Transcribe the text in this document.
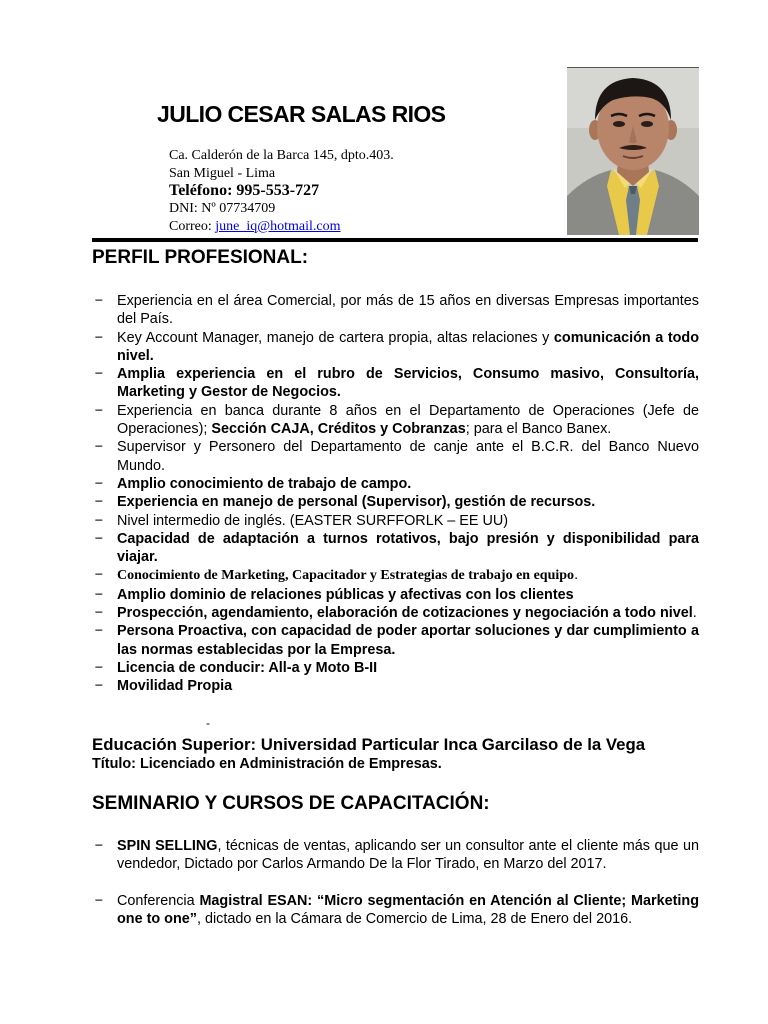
JULIO CESAR SALAS RIOS
Ca. Calderón de la Barca 145, dpto.403.
San Miguel - Lima
Teléfono: 995-553-727
DNI: Nº 07734709
Correo: june_iq@hotmail.com
PERFIL PROFESIONAL:
− Experiencia en el área Comercial, por más de 15 años en diversas Empresas importantes del País.
− Key Account Manager, manejo de cartera propia, altas relaciones y comunicación a todo nivel.
− Amplia experiencia en el rubro de Servicios, Consumo masivo, Consultoría, Marketing y Gestor de Negocios.
− Experiencia en banca durante 8 años en el Departamento de Operaciones (Jefe de Operaciones); Sección CAJA, Créditos y Cobranzas; para el Banco Banex.
− Supervisor y Personero del Departamento de canje ante el B.C.R. del Banco Nuevo Mundo.
− Amplio conocimiento de trabajo de campo.
− Experiencia en manejo de personal (Supervisor), gestión de recursos.
− Nivel intermedio de inglés. (EASTER SURFFORLK – EE UU)
− Capacidad de adaptación a turnos rotativos, bajo presión y disponibilidad para viajar.
− Conocimiento de Marketing, Capacitador y Estrategias de trabajo en equipo.
− Amplio dominio de relaciones públicas y afectivas con los clientes
− Prospección, agendamiento, elaboración de cotizaciones y negociación a todo nivel.
− Persona Proactiva, con capacidad de poder aportar soluciones y dar cumplimiento a las normas establecidas por la Empresa.
− Licencia de conducir: All-a y Moto B-II
− Movilidad Propia
-
Educación Superior: Universidad Particular Inca Garcilaso de la Vega
Título: Licenciado en Administración de Empresas.
SEMINARIO Y CURSOS DE CAPACITACIÓN:
− SPIN SELLING, técnicas de ventas, aplicando ser un consultor ante el cliente más que un vendedor, Dictado por Carlos Armando De la Flor Tirado, en Marzo del 2017.
− Conferencia Magistral ESAN: “Micro segmentación en Atención al Cliente; Marketing one to one”, dictado en la Cámara de Comercio de Lima, 28 de Enero del 2016.
